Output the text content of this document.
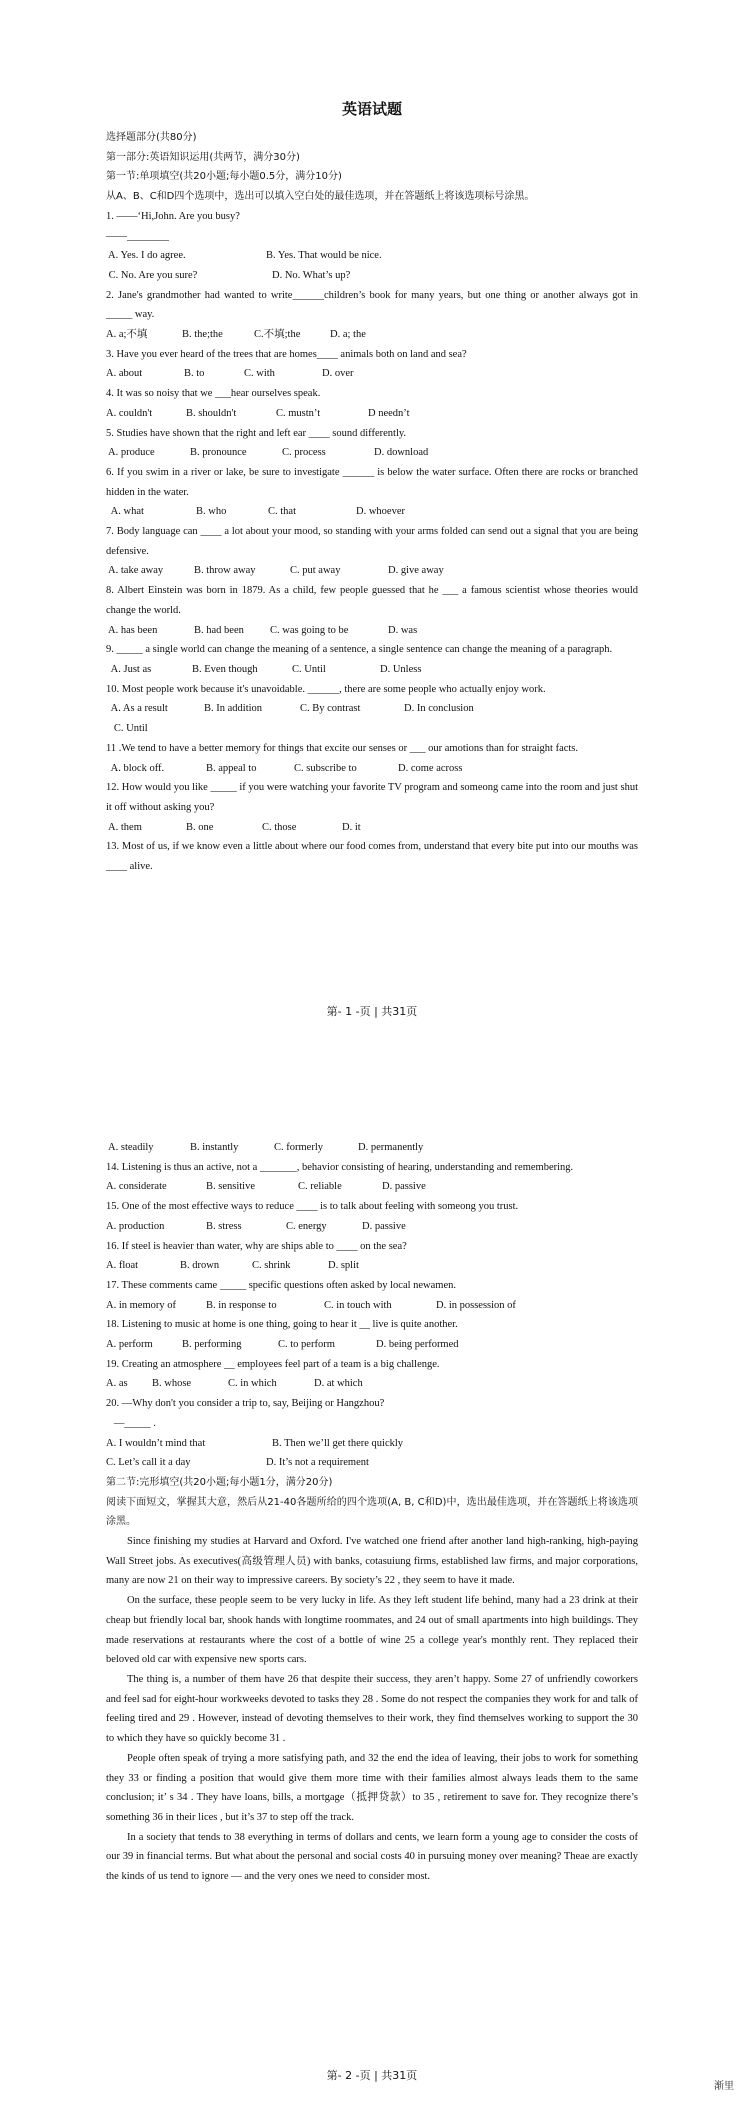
英语试题

选择题部分(共80分)

第一部分:英语知识运用(共两节，满分30分)

第一节:单项填空(共20小题;每小题0.5分，满分10分)

从A、B、C和D四个选项中，选出可以填入空白处的最佳选项，并在答题纸上将该选项标号涂黑。

1. ——‘Hi,John. Are you busy?

——________

A. Yes. I do agree.	B. Yes. That would be nice.
C. No. Are you sure?	D. No. What’s up?

2. Jane's grandmother had wanted to write______children’s book for many years, but one thing or another always got in _____ way.

A. a;不填	B. the;the	C.不填;the	D. a; the

3. Have you ever heard of the trees that are homes____ animals both on land and sea?

A. about	B. to	C. with	D. over

4. It was so noisy that we ___hear ourselves speak.

A. couldn't	B. shouldn't	C. mustn’t	D needn’t

5. Studies have shown that the right and left ear ____ sound differently.

A. produce	B. pronounce	C. process	D. download

6. If you swim in a river or lake, be sure to investigate ______ is below the water surface. Often there are rocks or branched hidden in the water.

A. what	B. who	C. that	D. whoever

7. Body language can ____ a lot about your mood, so standing with your arms folded can send out a signal that you are being defensive.

A. take away	B. throw away	C. put away	D. give away

8. Albert Einstein was born in 1879. As a child, few people guessed that he ___ a famous scientist whose theories would change the world.

A. has been	B. had been	C. was going to be	D. was

9. _____ a single world can change the meaning of a sentence, a single sentence can change the meaning of a paragraph.

A. Just as	B. Even though	C. Until	D. Unless

10. Most people work because it's unavoidable. ______, there are some people who actually enjoy work.

A. As a result	B. In addition	C. By contrast	D. In conclusion

C. Until

11 .We tend to have a better memory for things that excite our senses or ___ our amotions than for straight facts.

A. block off.	B. appeal to	C. subscribe to	D. come across

12. How would you like _____ if you were watching your favorite TV program and someong came into the room and just shut it off without asking you?

A. them	B. one	C. those	D. it

13. Most of us, if we know even a little about where our food comes from, understand that every bite put into our mouths was ____ alive.

第- 1 -页 | 共31页
A. steadily	B. instantly	C. formerly	D. permanently

14. Listening is thus an active, not a _______, behavior consisting of hearing, understanding and remembering.

A. considerate	B. sensitive	C. reliable	D. passive

15. One of the most effective ways to reduce ____ is to talk about feeling with someong you trust.

A. production	B. stress	C. energy	D. passive

16. If steel is heavier than water, why are ships able to ____ on the sea?

A. float	B. drown	C. shrink	D. split

17. These comments came _____ specific questions often asked by local newamen.

A. in memory of	B. in response to	C. in touch with	D. in possession of

18. Listening to music at home is one thing, going to hear it __ live is quite another.

A. perform	B. performing	C. to perform	D. being performed

19. Creating an atmosphere __ employees feel part of a team is a big challenge.

A. as	B. whose	C. in which	D. at which

20. —Why don't you consider a trip to, say, Beijing or Hangzhou?

—_____ .

A. I wouldn’t mind that	B. Then we’ll get there quickly
C. Let’s call it a day	D. It’s not a requirement

第二节:完形填空(共20小题;每小题1分，满分20分)

阅读下面短文，掌握其大意，然后从21-40各题所给的四个选项(A, B, C和D)中，选出最佳选项，并在答题纸上将该选项涂黑。

Since finishing my studies at Harvard and Oxford. I've watched one friend after another land high-ranking, high-paying Wall Street jobs. As executives(高级管理人员) with banks, cotasuiung firms, established law firms, and major corporations, many are now 21 on their way to impressive careers. By society’s 22 , they seem to have it made.

On the surface, these people seem to be very lucky in life. As they left student life behind, many had a 23 drink at their cheap but friendly local bar, shook hands with longtime roommates, and 24 out of small apartments into high buildings. They made reservations at restaurants where the cost of a bottle of wine 25 a college year's monthly rent. They replaced their beloved old car with expensive new sports cars.

The thing is, a number of them have 26 that despite their success, they aren’t happy. Some 27 of unfriendly coworkers and feel sad for eight-hour workweeks devoted to tasks they 28 . Some do not respect the companies they work for and talk of feeling tired and 29 . However, instead of devoting themselves to their work, they find themselves working to support the 30 to which they have so quickly become 31 .

People often speak of trying a more satisfying path, and 32 the end the idea of leaving, their jobs to work for something they 33 or finding a position that would give them more time with their families almost always leads them to the same conclusion; it’ s 34 . They have loans, bills, a mortgage（抵押贷款）to 35 , retirement to save for. They recognize there’s something 36 in their lices , but it’s 37 to step off the track.

In a society that tends to 38 everything in terms of dollars and cents, we learn form a young age to consider the costs of our 39 in financial terms. But what about the personal and social costs 40 in pursuing money over meaning? Theae are exactly the kinds of us tend to ignore — and the very ones we need to consider most.

第- 2 -页 | 共31页
渐里
